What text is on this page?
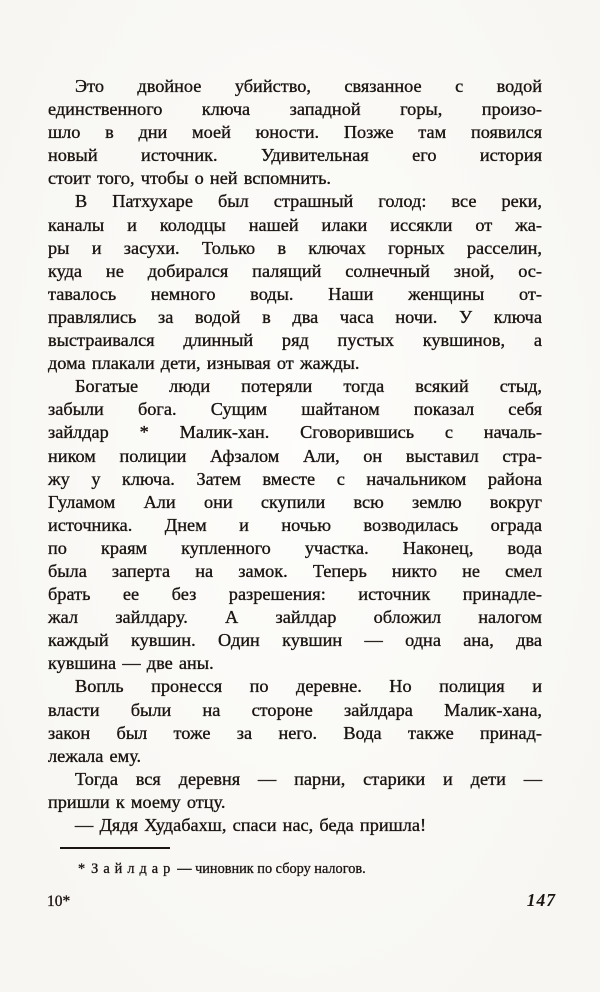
Это двойное убийство, связанное с водой
единственного ключа западной горы, произо-
шло в дни моей юности. Позже там появился
новый источник. Удивительная его история
стоит того, чтобы о ней вспомнить.
В Патхухаре был страшный голод: все реки,
каналы и колодцы нашей илаки иссякли от жа-
ры и засухи. Только в ключах горных расселин,
куда не добирался палящий солнечный зной, ос-
тавалось немного воды. Наши женщины от-
правлялись за водой в два часа ночи. У ключа
выстраивался длинный ряд пустых кувшинов, а
дома плакали дети, изнывая от жажды.
Богатые люди потеряли тогда всякий стыд,
забыли бога. Сущим шайтаном показал себя
зайлдар * Малик-хан. Сговорившись с началь-
ником полиции Афзалом Али, он выставил стра-
жу у ключа. Затем вместе с начальником района
Гуламом Али они скупили всю землю вокруг
источника. Днем и ночью возводилась ограда
по краям купленного участка. Наконец, вода
была заперта на замок. Теперь никто не смел
брать ее без разрешения: источник принадле-
жал зайлдару. А зайлдар обложил налогом
каждый кувшин. Один кувшин — одна ана, два
кувшина — две аны.
Вопль пронесся по деревне. Но полиция и
власти были на стороне зайлдара Малик-хана,
закон был тоже за него. Вода также принад-
лежала ему.
Тогда вся деревня — парни, старики и дети —
пришли к моему отцу.
— Дядя Худабахш, спаси нас, беда пришла!
* Зайлдар — чиновник по сбору налогов.
10*	147
